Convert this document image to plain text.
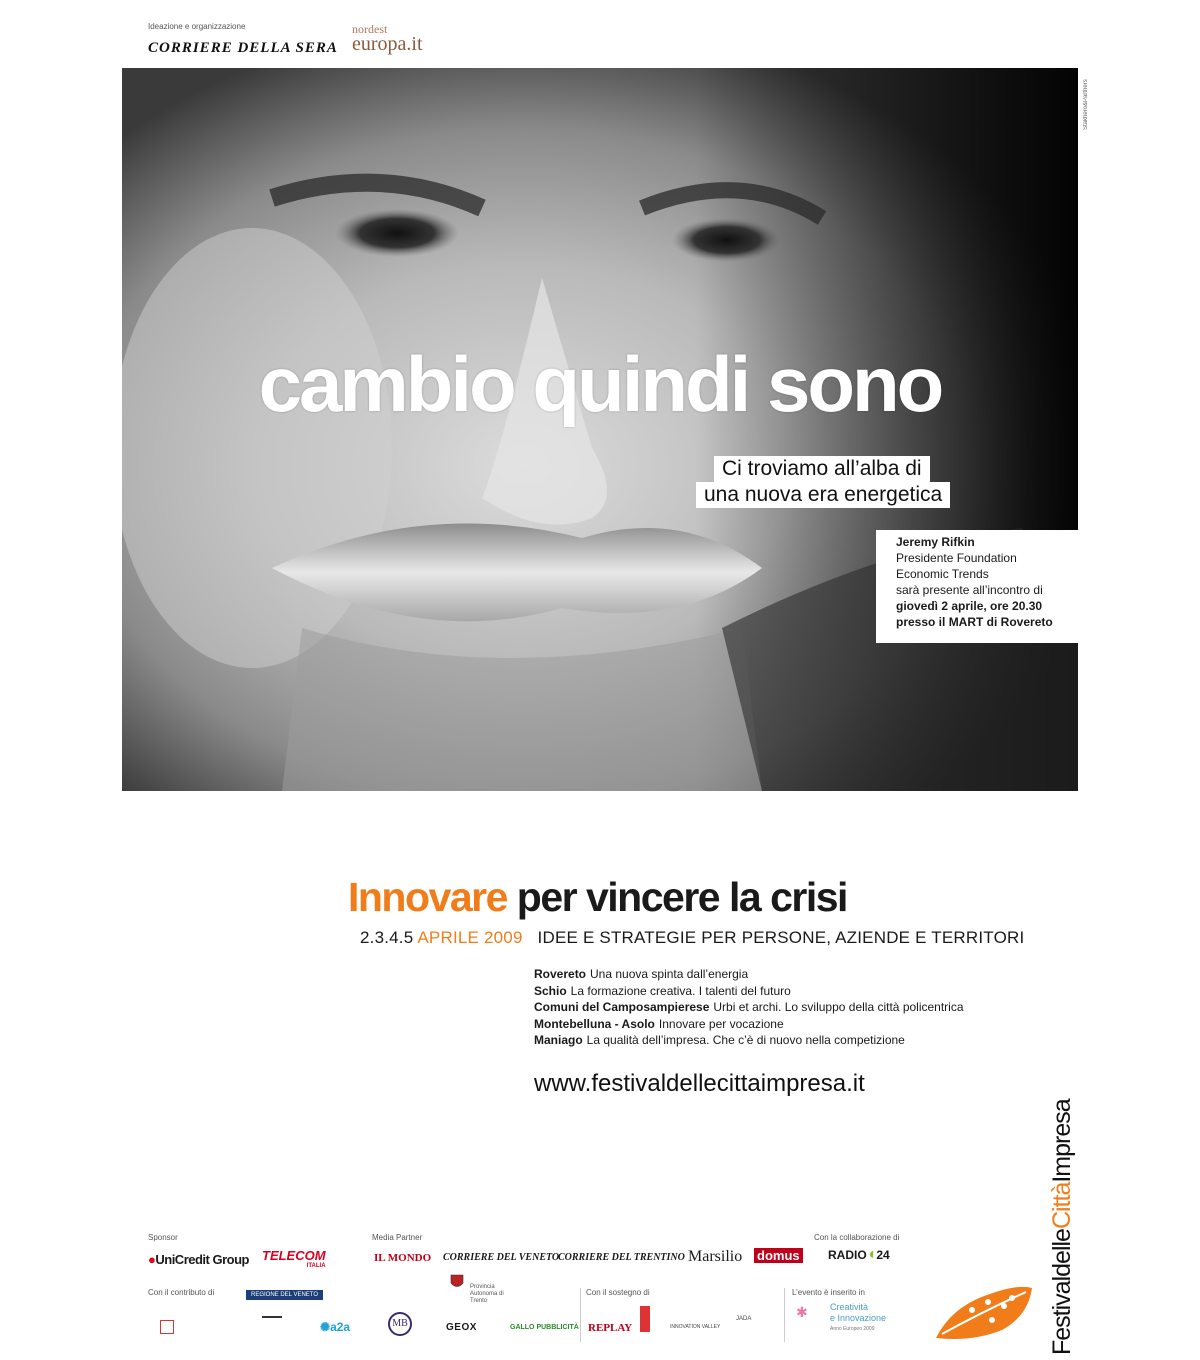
Ideazione e organizzazione
CORRIERE DELLA SERA
nordest
europa.it
Stakhero&Partners
cambio quindi sono
Ci troviamo all’alba di
una nuova era energetica
Jeremy Rifkin
Presidente Foundation
Economic Trends
sarà presente all’incontro di
giovedì 2 aprile, ore 20.30
presso il MART di Rovereto
Innovare per vincere la crisi
2.3.4.5 APRILE 2009 IDEE E STRATEGIE PER PERSONE, AZIENDE E TERRITORI
Rovereto Una nuova spinta dall’energia
Schio La formazione creativa. I talenti del futuro
Comuni del Camposampierese Urbi et archi. Lo sviluppo della città policentrica
Montebelluna - Asolo Innovare per vocazione
Maniago La qualità dell’impresa. Che c’è di nuovo nella competizione
www.festivaldellecittaimpresa.it
FestivaldelleCittàImpresa
Sponsor	Media Partner	Con la collaborazione di
●UniCredit Group TELECOM
ITALIA
IL MONDO CORRIERE DEL VENETO
CORRIERE DEL TRENTINO Marsilio domus RADIO◖24
Con il contributo di	Con il sostegno di	L’evento è inserito in
REGIONE DEL VENETO
Provincia Autonoma di Trento
✺a2a	MB	GEOX	GALLO PUBBLICITÀ REPLAY	INNOVATION VALLEY
JADA	✱ Creatività
e Innovazione
Anno Europeo 2009
